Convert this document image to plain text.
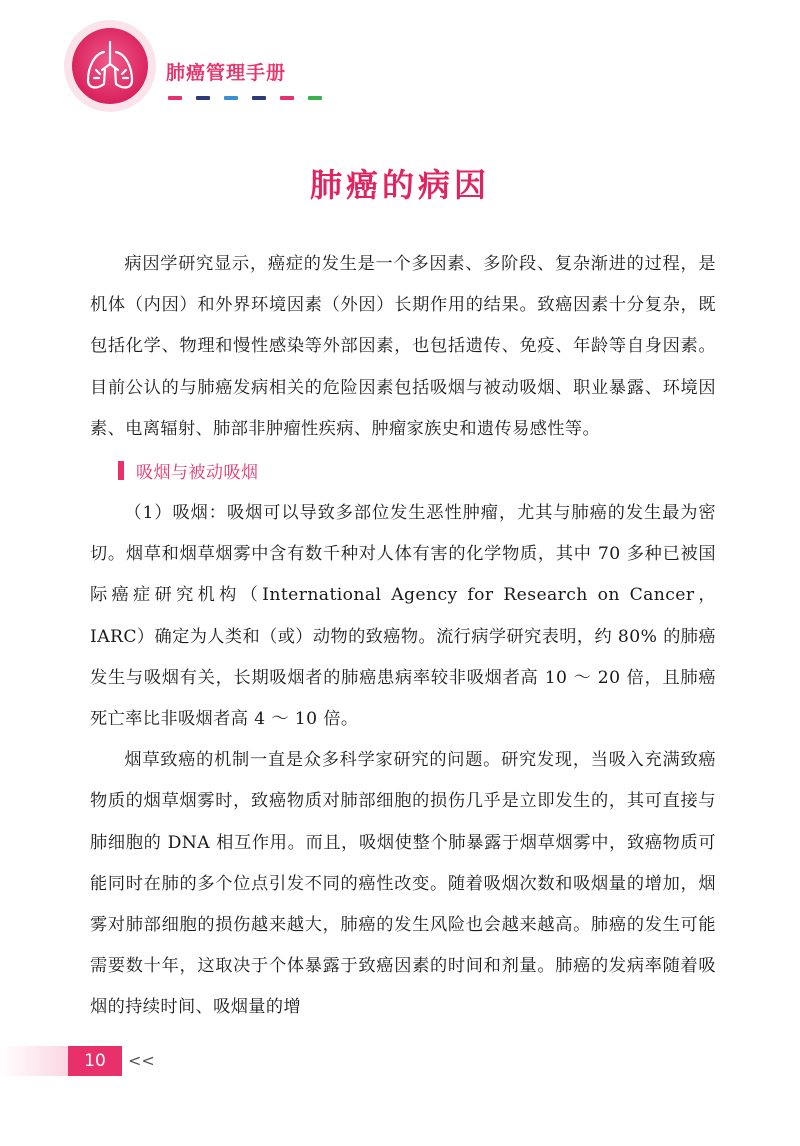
肺癌管理手册
肺癌的病因

病因学研究显示，癌症的发生是一个多因素、多阶段、复杂渐进的过程，是机体（内因）和外界环境因素（外因）长期作用的结果。致癌因素十分复杂，既包括化学、物理和慢性感染等外部因素，也包括遗传、免疫、年龄等自身因素。目前公认的与肺癌发病相关的危险因素包括吸烟与被动吸烟、职业暴露、环境因素、电离辐射、肺部非肿瘤性疾病、肿瘤家族史和遗传易感性等。

吸烟与被动吸烟

（1）吸烟：吸烟可以导致多部位发生恶性肿瘤，尤其与肺癌的发生最为密切。烟草和烟草烟雾中含有数千种对人体有害的化学物质，其中 70 多种已被国际癌症研究机构（International Agency for Research on Cancer，IARC）确定为人类和（或）动物的致癌物。流行病学研究表明，约 80% 的肺癌发生与吸烟有关，长期吸烟者的肺癌患病率较非吸烟者高 10 ～ 20 倍，且肺癌死亡率比非吸烟者高 4 ～ 10 倍。

烟草致癌的机制一直是众多科学家研究的问题。研究发现，当吸入充满致癌物质的烟草烟雾时，致癌物质对肺部细胞的损伤几乎是立即发生的，其可直接与肺细胞的 DNA 相互作用。而且，吸烟使整个肺暴露于烟草烟雾中，致癌物质可能同时在肺的多个位点引发不同的癌性改变。随着吸烟次数和吸烟量的增加，烟雾对肺部细胞的损伤越来越大，肺癌的发生风险也会越来越高。肺癌的发生可能需要数十年，这取决于个体暴露于致癌因素的时间和剂量。肺癌的发病率随着吸烟的持续时间、吸烟量的增

10	<<
